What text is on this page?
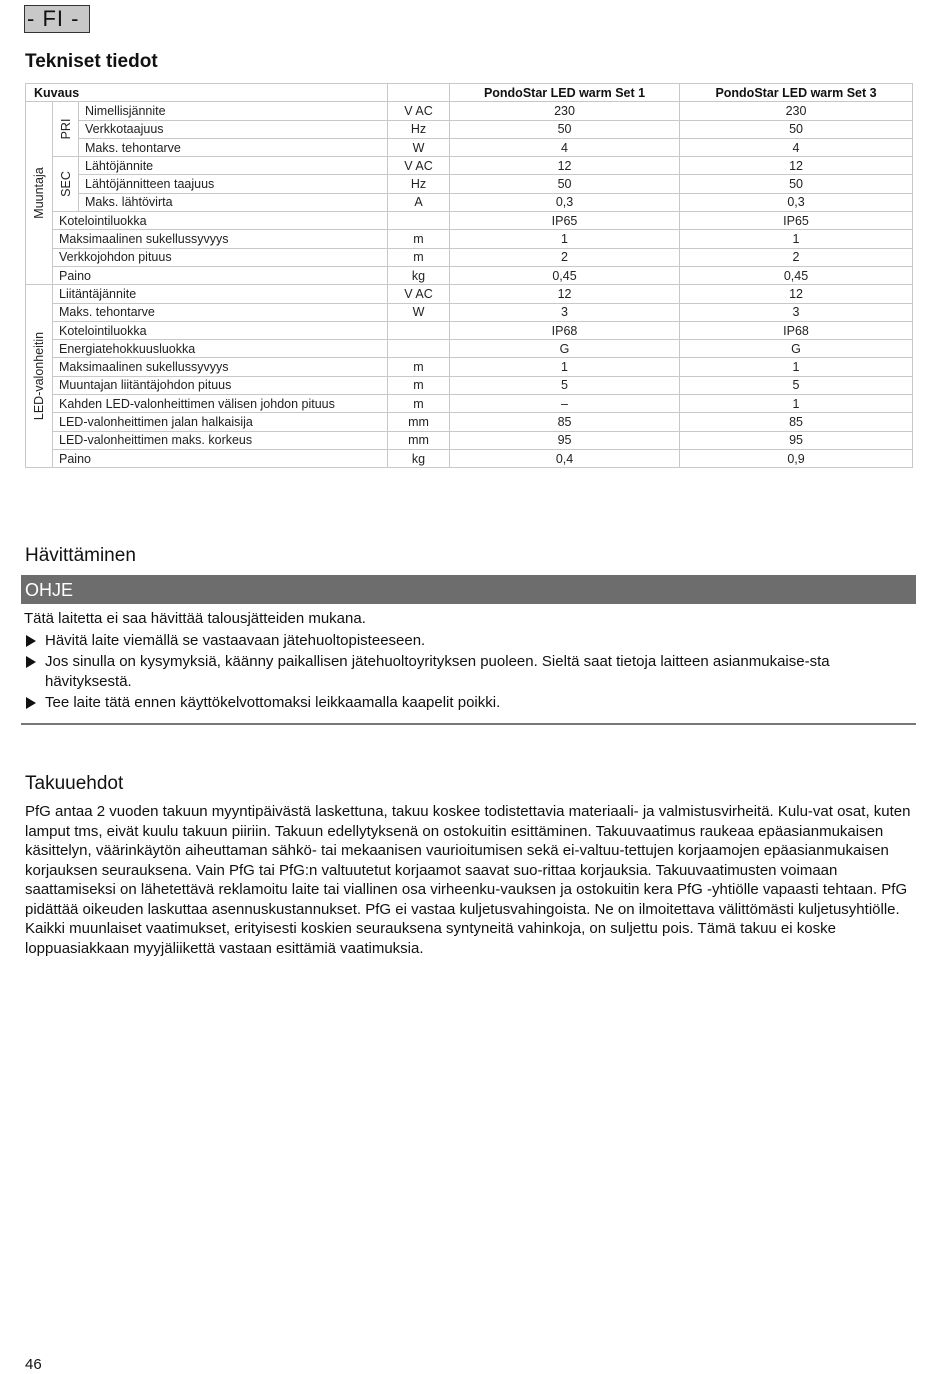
- FI -
Tekniset tiedot
Kuvaus				PondoStar LED warm Set 1	PondoStar LED warm Set 3

Muuntaja	PRI	Nimellisjännite	V AC	230	230
		Verkkotaajuus	Hz	50	50
		Maks. tehontarve	W	4	4

	SEC	Lähtöjännite	V AC	12	12
		Lähtöjännitteen taajuus	Hz	50	50
		Maks. lähtövirta	A	0,3	0,3
	Kotelointiluokka			IP65	IP65
	Maksimaalinen sukellussyvyys		m	1	1
	Verkkojohdon pituus		m	2	2
	Paino		kg	0,45	0,45

LED-valonheitin	Liitäntäjännite		V AC	12	12
	Maks. tehontarve		W	3	3
	Kotelointiluokka			IP68	IP68
	Energiatehokkuusluokka			G	G
	Maksimaalinen sukellussyvyys		m	1	1
	Muuntajan liitäntäjohdon pituus		m	5	5
	Kahden LED-valonheittimen välisen johdon pituus		m	–	1
	LED-valonheittimen jalan halkaisija		mm	85	85
	LED-valonheittimen maks. korkeus		mm	95	95
	Paino		kg	0,4	0,9
Hävittäminen
OHJE

Tätä laitetta ei saa hävittää talousjätteiden mukana.

Hävitä laite viemällä se vastaavaan jätehuoltopisteeseen.
Jos sinulla on kysymyksiä, käänny paikallisen jätehuoltoyrityksen puoleen. Sieltä saat tietoja laitteen asianmukaise-sta hävityksestä.
Tee laite tätä ennen käyttökelvottomaksi leikkaamalla kaapelit poikki.
Takuuehdot

PfG antaa 2 vuoden takuun myyntipäivästä laskettuna, takuu koskee todistettavia materiaali- ja valmistusvirheitä. Kulu-vat osat, kuten lamput tms, eivät kuulu takuun piiriin. Takuun edellytyksenä on ostokuitin esittäminen. Takuuvaatimus raukeaa epäasianmukaisen käsittelyn, väärinkäytön aiheuttaman sähkö- tai mekaanisen vaurioitumisen sekä ei-valtuu-tettujen korjaamojen epäasianmukaisen korjauksen seurauksena. Vain PfG tai PfG:n valtuutetut korjaamot saavat suo-rittaa korjauksia. Takuuvaatimusten voimaan saattamiseksi on lähetettävä reklamoitu laite tai viallinen osa virheenku-vauksen ja ostokuitin kera PfG -yhtiölle vapaasti tehtaan. PfG pidättää oikeuden laskuttaa asennuskustannukset. PfG ei vastaa kuljetusvahingoista. Ne on ilmoitettava välittömästi kuljetusyhtiölle. Kaikki muunlaiset vaatimukset, erityisesti koskien seurauksena syntyneitä vahinkoja, on suljettu pois. Tämä takuu ei koske loppuasiakkaan myyjäliikettä vastaan esittämiä vaatimuksia.

46
